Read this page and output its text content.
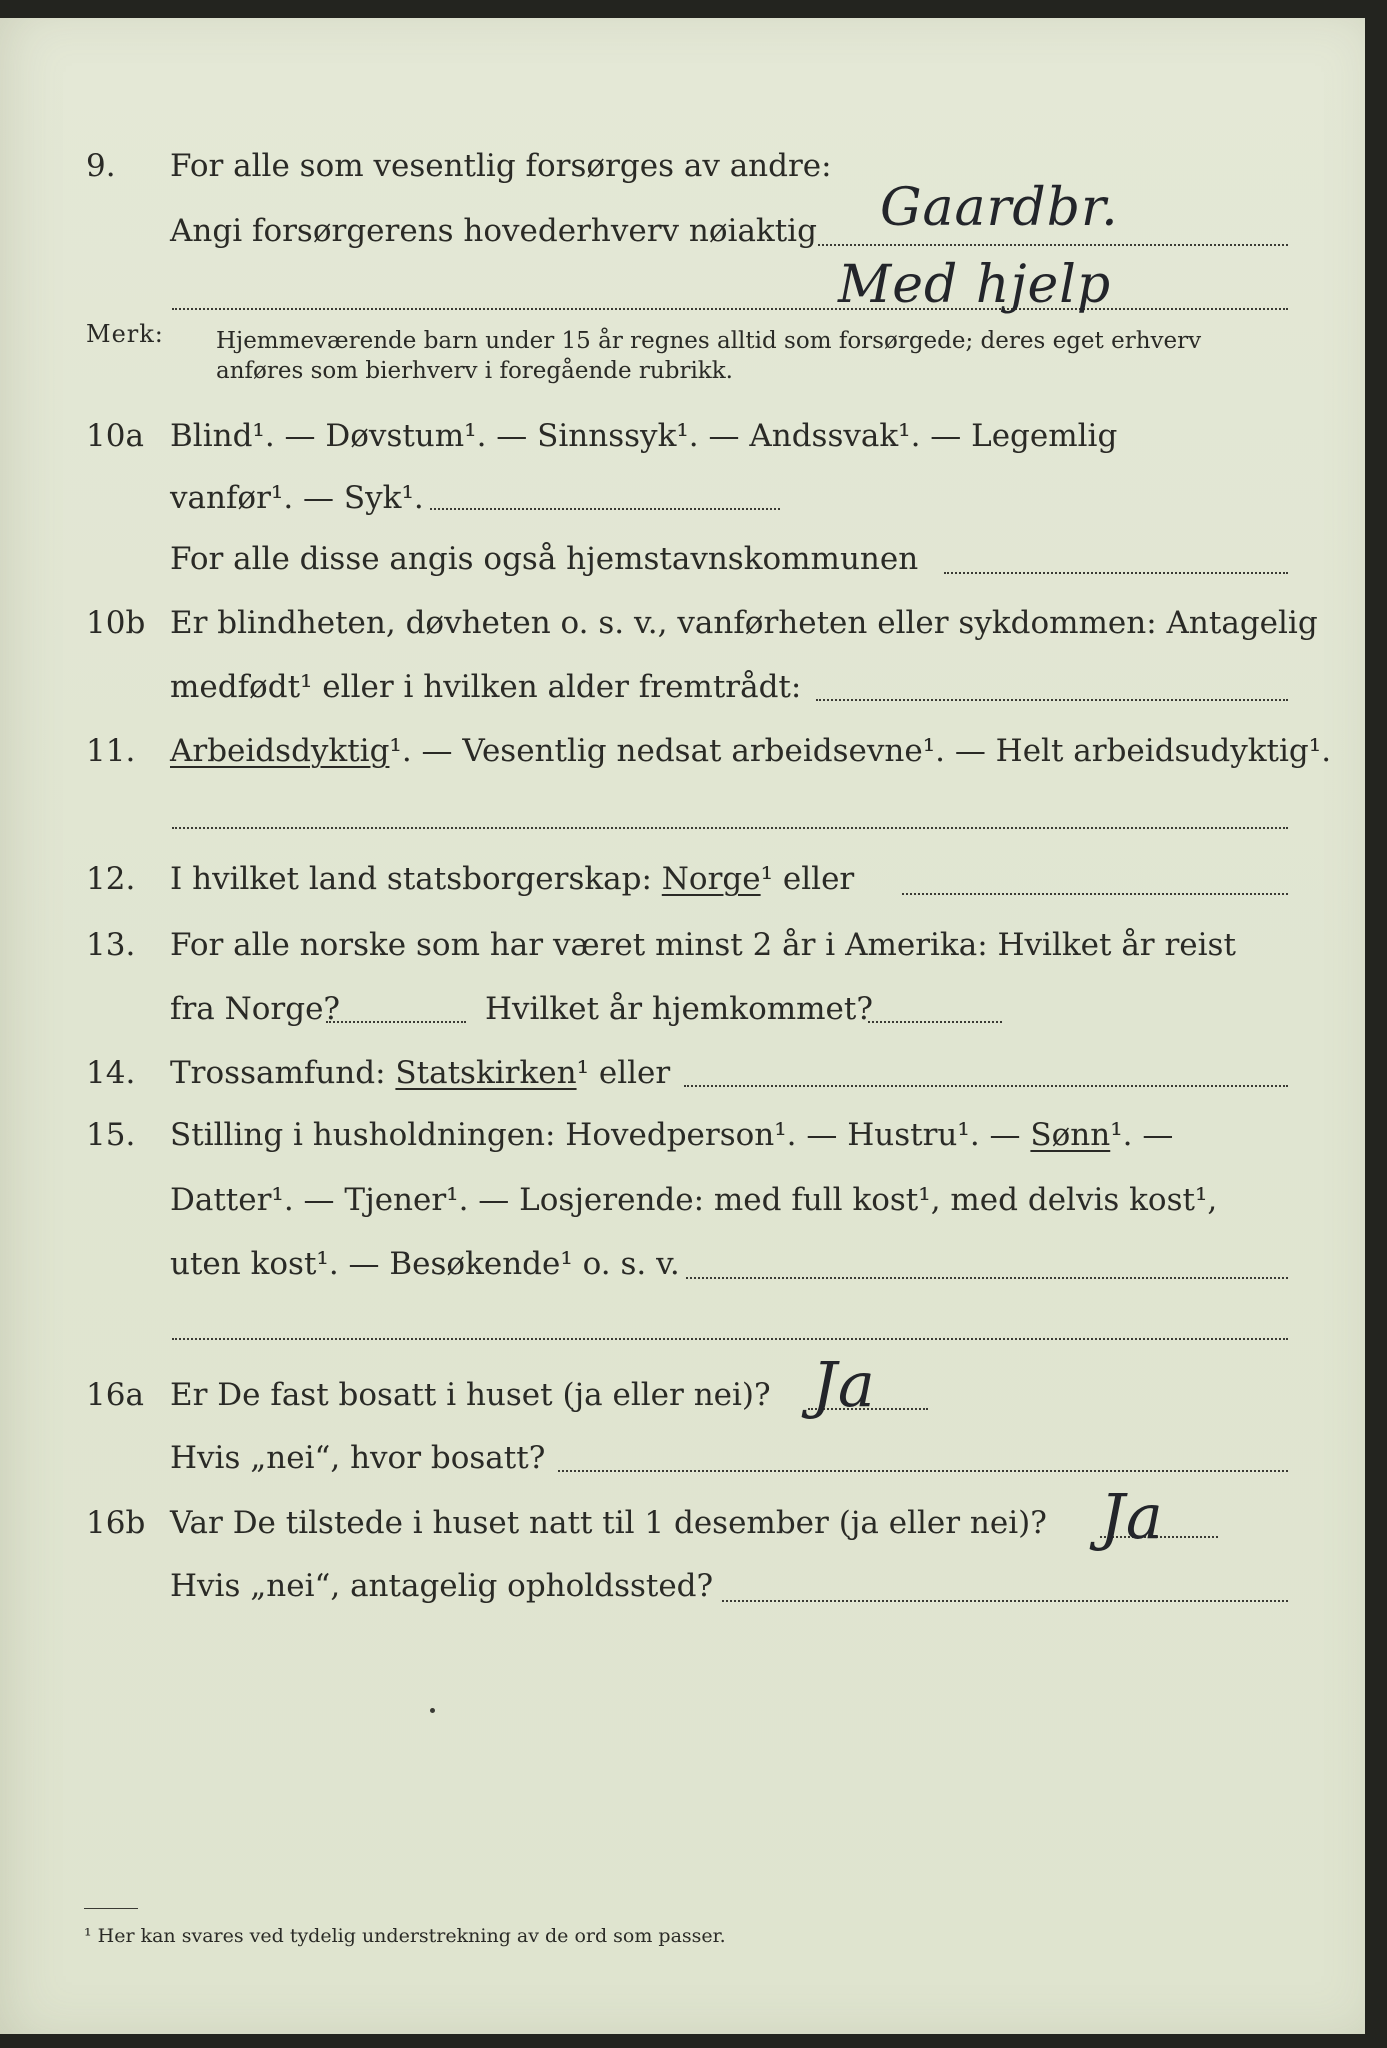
9. For alle som vesentlig forsørges av andre:
Angi forsørgerens hovederhverv nøiaktig Gaardbr.
Med hjelp
Merk: Hjemmeværende barn under 15 år regnes alltid som forsørgede; deres eget erhverv
anføres som bierhverv i foregående rubrikk.
10a Blind¹. — Døvstum¹. — Sinnssyk¹. — Andssvak¹. — Legemlig
vanfør¹. — Syk¹.
For alle disse angis også hjemstavnskommunen
10b Er blindheten, døvheten o. s. v., vanførheten eller sykdommen: Antagelig
medfødt¹ eller i hvilken alder fremtrådt:
11. Arbeidsdyktig¹. — Vesentlig nedsat arbeidsevne¹. — Helt arbeidsudyktig¹.
12. I hvilket land statsborgerskap: Norge¹ eller
13. For alle norske som har været minst 2 år i Amerika: Hvilket år reist
fra Norge?	Hvilket år hjemkommet?
14. Trossamfund: Statskirken¹ eller
15. Stilling i husholdningen: Hovedperson¹. — Hustru¹. — Sønn¹. —
Datter¹. — Tjener¹. — Losjerende: med full kost¹, med delvis kost¹,
uten kost¹. — Besøkende¹ o. s. v.
16a Er De fast bosatt i huset (ja eller nei)? Ja
Hvis „nei“, hvor bosatt?
16b Var De tilstede i huset natt til 1 desember (ja eller nei)? Ja
Hvis „nei“, antagelig opholdssted?
¹ Her kan svares ved tydelig understrekning av de ord som passer.
